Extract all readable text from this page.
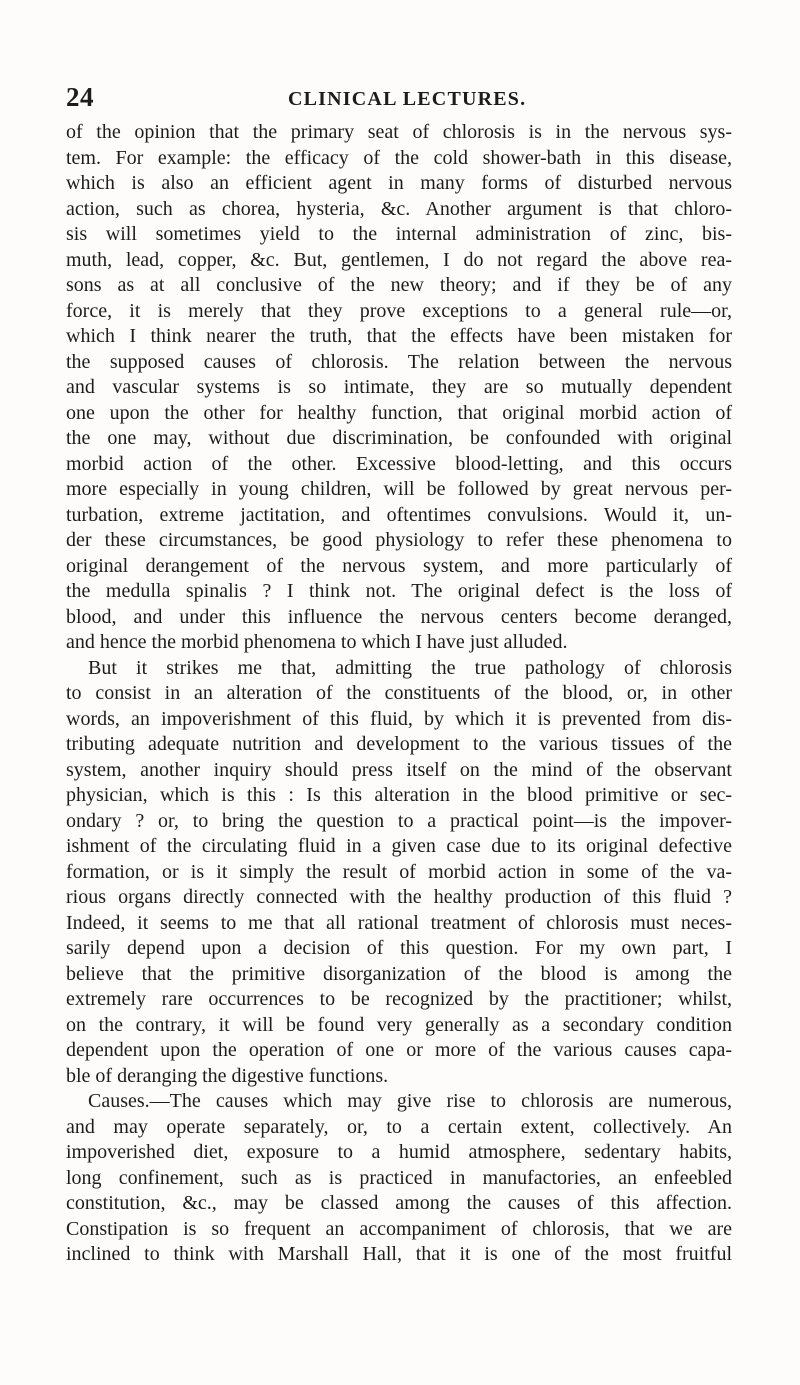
24	CLINICAL LECTURES.
of the opinion that the primary seat of chlorosis is in the nervous sys-
tem. For example: the efficacy of the cold shower-bath in this disease,
which is also an efficient agent in many forms of disturbed nervous
action, such as chorea, hysteria, &c. Another argument is that chloro-
sis will sometimes yield to the internal administration of zinc, bis-
muth, lead, copper, &c. But, gentlemen, I do not regard the above rea-
sons as at all conclusive of the new theory; and if they be of any
force, it is merely that they prove exceptions to a general rule—or,
which I think nearer the truth, that the effects have been mistaken for
the supposed causes of chlorosis. The relation between the nervous
and vascular systems is so intimate, they are so mutually dependent
one upon the other for healthy function, that original morbid action of
the one may, without due discrimination, be confounded with original
morbid action of the other. Excessive blood-letting, and this occurs
more especially in young children, will be followed by great nervous per-
turbation, extreme jactitation, and oftentimes convulsions. Would it, un-
der these circumstances, be good physiology to refer these phenomena to
original derangement of the nervous system, and more particularly of
the medulla spinalis ? I think not. The original defect is the loss of
blood, and under this influence the nervous centers become deranged,
and hence the morbid phenomena to which I have just alluded.
But it strikes me that, admitting the true pathology of chlorosis
to consist in an alteration of the constituents of the blood, or, in other
words, an impoverishment of this fluid, by which it is prevented from dis-
tributing adequate nutrition and development to the various tissues of the
system, another inquiry should press itself on the mind of the observant
physician, which is this : Is this alteration in the blood primitive or sec-
ondary ? or, to bring the question to a practical point—is the impover-
ishment of the circulating fluid in a given case due to its original defective
formation, or is it simply the result of morbid action in some of the va-
rious organs directly connected with the healthy production of this fluid ?
Indeed, it seems to me that all rational treatment of chlorosis must neces-
sarily depend upon a decision of this question. For my own part, I
believe that the primitive disorganization of the blood is among the
extremely rare occurrences to be recognized by the practitioner; whilst,
on the contrary, it will be found very generally as a secondary condition
dependent upon the operation of one or more of the various causes capa-
ble of deranging the digestive functions.
Causes.—The causes which may give rise to chlorosis are numerous,
and may operate separately, or, to a certain extent, collectively. An
impoverished diet, exposure to a humid atmosphere, sedentary habits,
long confinement, such as is practiced in manufactories, an enfeebled
constitution, &c., may be classed among the causes of this affection.
Constipation is so frequent an accompaniment of chlorosis, that we are
inclined to think with Marshall Hall, that it is one of the most fruitful
